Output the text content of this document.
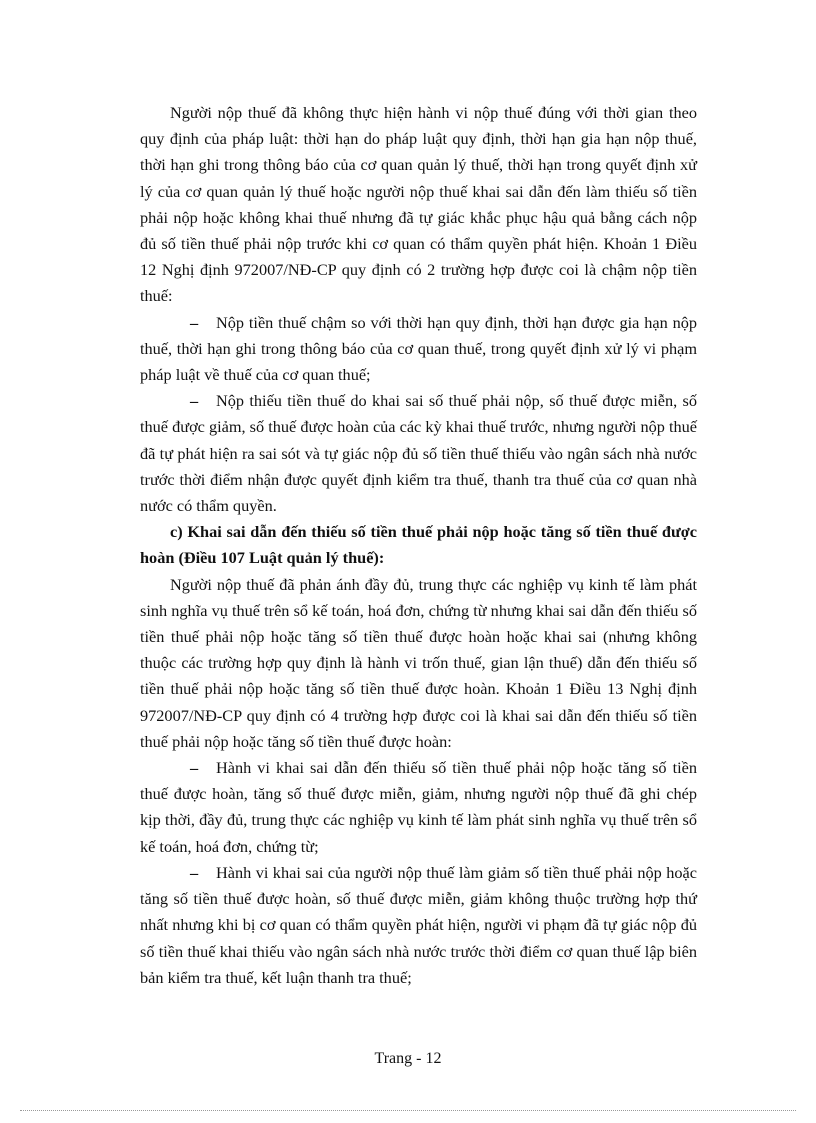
Người nộp thuế đã không thực hiện hành vi nộp thuế đúng với thời gian theo quy định của pháp luật: thời hạn do pháp luật quy định, thời hạn gia hạn nộp thuế, thời hạn ghi trong thông báo của cơ quan quản lý thuế, thời hạn trong quyết định xử lý của cơ quan quản lý thuế hoặc người nộp thuế khai sai dẫn đến làm thiếu số tiền phải nộp hoặc không khai thuế nhưng đã tự giác khắc phục hậu quả bằng cách nộp đủ số tiền thuế phải nộp trước khi cơ quan có thẩm quyền phát hiện. Khoản 1 Điều 12 Nghị định 972007/NĐ-CP quy định có 2 trường hợp được coi là chậm nộp tiền thuế:

– Nộp tiền thuế chậm so với thời hạn quy định, thời hạn được gia hạn nộp thuế, thời hạn ghi trong thông báo của cơ quan thuế, trong quyết định xử lý vi phạm pháp luật về thuế của cơ quan thuế;

– Nộp thiếu tiền thuế do khai sai số thuế phải nộp, số thuế được miễn, số thuế được giảm, số thuế được hoàn của các kỳ khai thuế trước, nhưng người nộp thuế đã tự phát hiện ra sai sót và tự giác nộp đủ số tiền thuế thiếu vào ngân sách nhà nước trước thời điểm nhận được quyết định kiểm tra thuế, thanh tra thuế của cơ quan nhà nước có thẩm quyền.

c) Khai sai dẫn đến thiếu số tiền thuế phải nộp hoặc tăng số tiền thuế được hoàn (Điều 107 Luật quản lý thuế):

Người nộp thuế đã phản ánh đầy đủ, trung thực các nghiệp vụ kinh tế làm phát sinh nghĩa vụ thuế trên sổ kế toán, hoá đơn, chứng từ nhưng khai sai dẫn đến thiếu số tiền thuế phải nộp hoặc tăng số tiền thuế được hoàn hoặc khai sai (nhưng không thuộc các trường hợp quy định là hành vi trốn thuế, gian lận thuế) dẫn đến thiếu số tiền thuế phải nộp hoặc tăng số tiền thuế được hoàn. Khoản 1 Điều 13 Nghị định 972007/NĐ-CP quy định có 4 trường hợp được coi là khai sai dẫn đến thiếu số tiền thuế phải nộp hoặc tăng số tiền thuế được hoàn:

– Hành vi khai sai dẫn đến thiếu số tiền thuế phải nộp hoặc tăng số tiền thuế được hoàn, tăng số thuế được miễn, giảm, nhưng người nộp thuế đã ghi chép kịp thời, đầy đủ, trung thực các nghiệp vụ kinh tế làm phát sinh nghĩa vụ thuế trên sổ kế toán, hoá đơn, chứng từ;

– Hành vi khai sai của người nộp thuế làm giảm số tiền thuế phải nộp hoặc tăng số tiền thuế được hoàn, số thuế được miễn, giảm không thuộc trường hợp thứ nhất nhưng khi bị cơ quan có thẩm quyền phát hiện, người vi phạm đã tự giác nộp đủ số tiền thuế khai thiếu vào ngân sách nhà nước trước thời điểm cơ quan thuế lập biên bản kiểm tra thuế, kết luận thanh tra thuế;

Trang - 12
